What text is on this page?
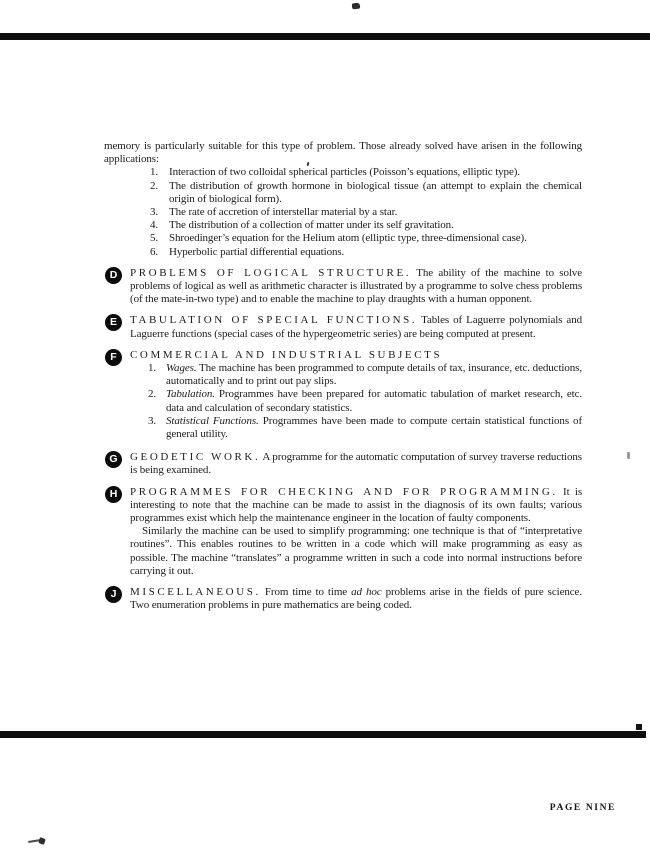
memory is particularly suitable for this type of problem. Those already solved have arisen in the following applications:

1. Interaction of two colloidal spherical particles (Poisson’s equations, elliptic type).
2. The distribution of growth hormone in biological tissue (an attempt to explain the chemical origin of biological form).
3. The rate of accretion of interstellar material by a star.
4. The distribution of a collection of matter under its self gravitation.
5. Shroedinger’s equation for the Helium atom (elliptic type, three-dimensional case).
6. Hyperbolic partial differential equations.
D	PROBLEMS OF LOGICAL STRUCTURE. The ability of the machine to solve problems of logical as well as arithmetic character is illustrated by a programme to solve chess problems (of the mate-in-two type) and to enable the machine to play draughts with a human opponent.

E	TABULATION OF SPECIAL FUNCTIONS. Tables of Laguerre polynomials and Laguerre functions (special cases of the hypergeometric series) are being computed at present.

F	COMMERCIAL AND INDUSTRIAL SUBJECTS

1. Wages. The machine has been programmed to compute details of tax, insurance, etc. deductions, automatically and to print out pay slips.
2. Tabulation. Programmes have been prepared for automatic tabulation of market research, etc. data and calculation of secondary statistics.
3. Statistical Functions. Programmes have been made to compute certain statistical functions of general utility.
G	GEODETIC WORK. A programme for the automatic computation of survey traverse reductions is being examined.

H	PROGRAMMES FOR CHECKING AND FOR PROGRAMMING. It is interesting to note that the machine can be made to assist in the diagnosis of its own faults; various programmes exist which help the maintenance engineer in the location of faulty components.

Similarly the machine can be used to simplify programming: one technique is that of “interpretative routines”. This enables routines to be written in a code which will make programming as easy as possible. The machine “translates” a programme written in such a code into normal instructions before carrying it out.

J	MISCELLANEOUS. From time to time ad hoc problems arise in the fields of pure science. Two enumeration problems in pure mathematics are being coded.

PAGE NINE
